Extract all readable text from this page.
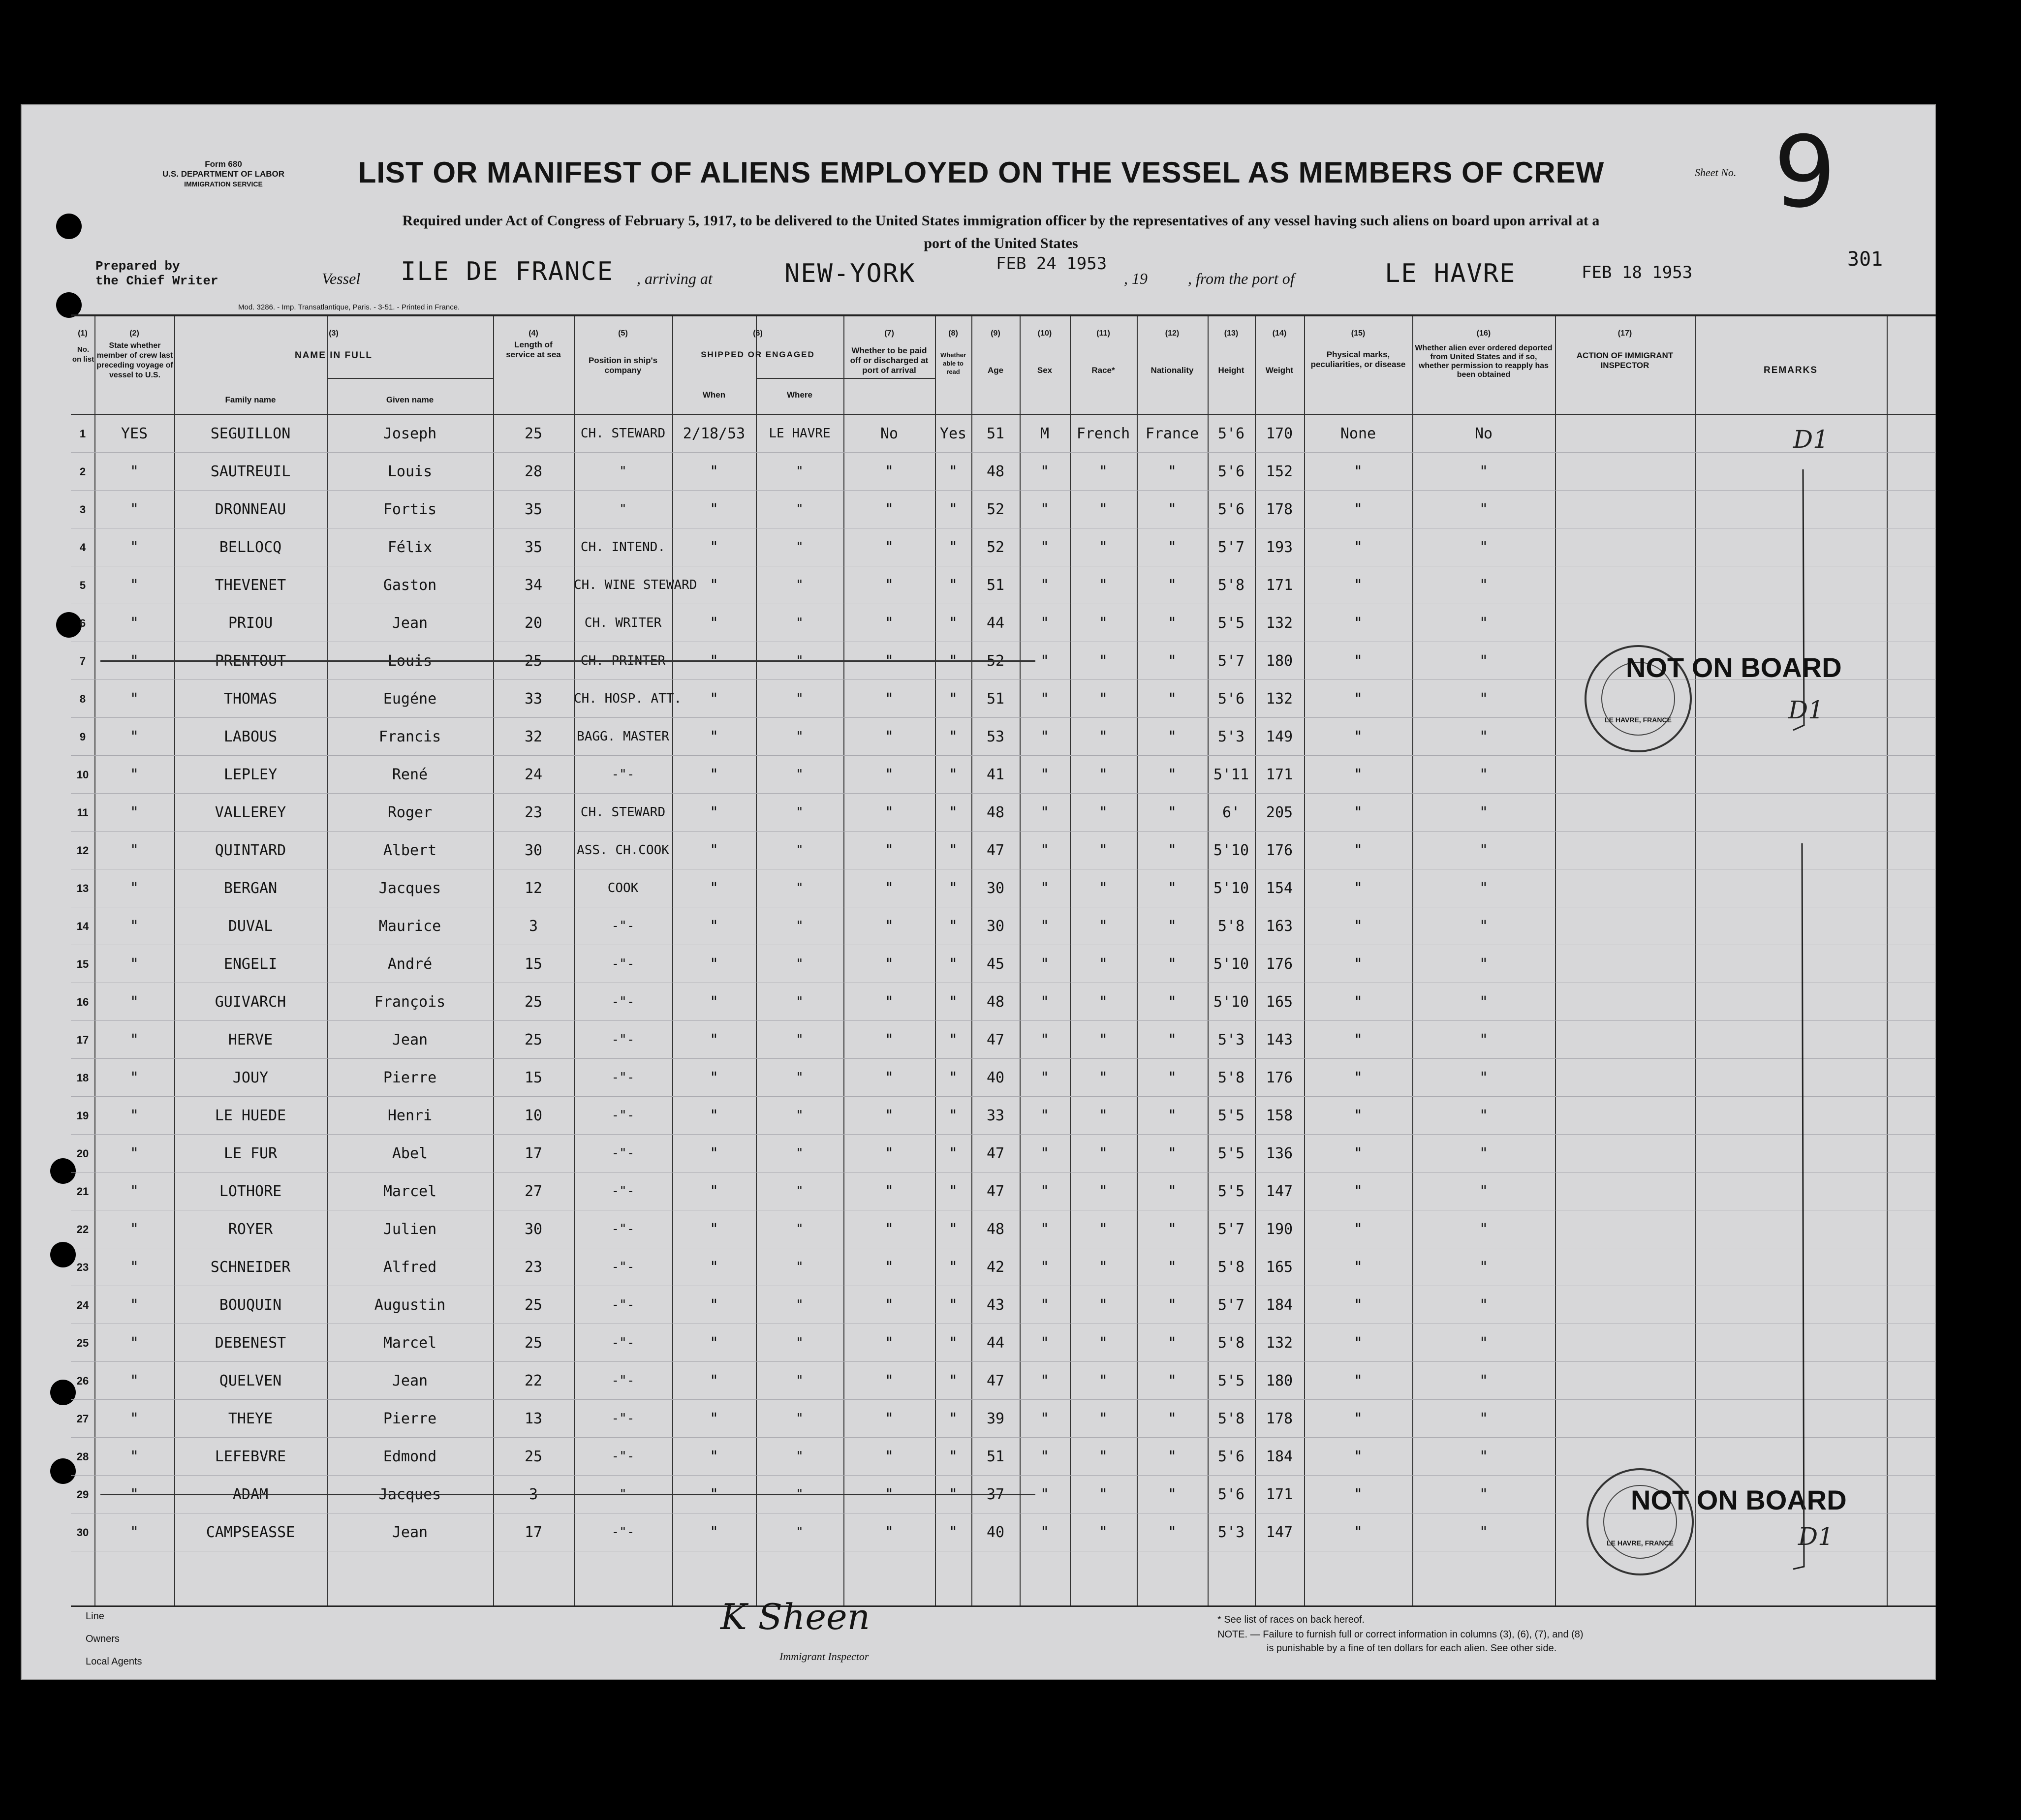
Form 680
U.S. DEPARTMENT OF LABOR
IMMIGRATION SERVICE	LIST OR MANIFEST OF ALIENS EMPLOYED ON THE VESSEL AS MEMBERS OF CREW	Sheet No. 9
301
Required under Act of Congress of February 5, 1917, to be delivered to the United States immigration officer by the representatives of any vessel having such aliens on board upon arrival at a
port of the United States
Prepared by
the Chief Writer	Vessel ILE DE FRANCE , arriving at	NEW-YORK	FEB 24 1953
, 19	, from the port of	LE HAVRE	FEB 18 1953
Mod. 3286. - Imp. Transatlantique, Paris. - 3-51. - Printed in France.
(1)	(2)	(3)	(4)	(5)	(6)	(7)	(8)	(9)	(10)	(11)	(12)	(13)	(14)	(15)	(16)	(17)
No. on list
State whether member of crew last preceding voyage of vessel to U.S.
NAME IN FULL
Family name	Given name
Length of service at sea
Position in ship's company
SHIPPED OR ENGAGED
When	Where
Whether to be paid off or discharged at port of arrival
Whether able to read	Age	Sex	Race*	Nationality	Height	Weight
Physical marks, peculiarities, or disease
Whether alien ever ordered deported from United States and if so, whether permission to reapply has been obtained
ACTION OF IMMIGRANT INSPECTOR	REMARKS
1	YES	SEGUILLON	Joseph	25	CH. STEWARD	2/18/53	LE HAVRE	No	Yes	51	M	French	France	5'6	170	None	No
2	"	SAUTREUIL	Louis	28	"	"	"	"	"	48	"	"	"	5'6	152	"	"
3	"	DRONNEAU	Fortis	35	"	"	"	"	"	52	"	"	"	5'6	178	"	"
4	"	BELLOCQ	Félix	35	CH. INTEND.	"	"	"	"	52	"	"	"	5'7	193	"	"
5	"	THEVENET	Gaston	34	CH. WINE STEWARD "	"	"	"	51	"	"	"	5'8	171	"	"
6	"	PRIOU	Jean	20	CH. WRITER	"	"	"	"	44	"	"	"	5'5	132	"	"
7	"	PRENTOUT	Louis	25	CH. PRINTER	"	"	"	"	52	"	"	"	5'7	180	"	"
8	"	THOMAS	Eugéne	33	CH. HOSP. ATT.	"	"	"	"	51	"	"	"	5'6	132	"	"
9	"	LABOUS	Francis	32	BAGG. MASTER	"	"	"	"	53	"	"	"	5'3	149	"	"
10	"	LEPLEY	René	24	-"-	"	"	"	"	41	"	"	"	5'11	171	"	"
11	"	VALLEREY	Roger	23	CH. STEWARD	"	"	"	"	48	"	"	"	6'	205	"	"
12	"	QUINTARD	Albert	30	ASS. CH.COOK	"	"	"	"	47	"	"	"	5'10	176	"	"
13	"	BERGAN	Jacques	12	COOK	"	"	"	"	30	"	"	"	5'10	154	"	"
14	"	DUVAL	Maurice	3	-"-	"	"	"	"	30	"	"	"	5'8	163	"	"
15	"	ENGELI	André	15	-"-	"	"	"	"	45	"	"	"	5'10	176	"	"
16	"	GUIVARCH	François	25	-"-	"	"	"	"	48	"	"	"	5'10	165	"	"
17	"	HERVE	Jean	25	-"-	"	"	"	"	47	"	"	"	5'3	143	"	"
18	"	JOUY	Pierre	15	-"-	"	"	"	"	40	"	"	"	5'8	176	"	"
19	"	LE HUEDE	Henri	10	-"-	"	"	"	"	33	"	"	"	5'5	158	"	"
20	"	LE FUR	Abel	17	-"-	"	"	"	"	47	"	"	"	5'5	136	"	"
21	"	LOTHORE	Marcel	27	-"-	"	"	"	"	47	"	"	"	5'5	147	"	"
22	"	ROYER	Julien	30	-"-	"	"	"	"	48	"	"	"	5'7	190	"	"
23	"	SCHNEIDER	Alfred	23	-"-	"	"	"	"	42	"	"	"	5'8	165	"	"
24	"	BOUQUIN	Augustin	25	-"-	"	"	"	"	43	"	"	"	5'7	184	"	"
25	"	DEBENEST	Marcel	25	-"-	"	"	"	"	44	"	"	"	5'8	132	"	"
26	"	QUELVEN	Jean	22	-"-	"	"	"	"	47	"	"	"	5'5	180	"	"
27	"	THEYE	Pierre	13	-"-	"	"	"	"	39	"	"	"	5'8	178	"	"
28	"	LEFEBVRE	Edmond	25	-"-	"	"	"	"	51	"	"	"	5'6	184	"	"
29	"	ADAM	Jacques	3	-"-	"	"	"	"	37	"	"	"	5'6	171	"	"
30	"	CAMPSEASSE	Jean	17	-"-	"	"	"	"	40	"	"	"	5'3	147	"	"
LE HAVRE, FRANCE
NOT ON BOARD
LE HAVRE, FRANCE
NOT ON BOARD
D1
D1
D1
Line
Owners
Local Agents
K Sheen
Immigrant Inspector
* See list of races on back hereof.
NOTE. — Failure to furnish full or correct information in columns (3), (6), (7), and (8)
is punishable by a fine of ten dollars for each alien. See other side.
